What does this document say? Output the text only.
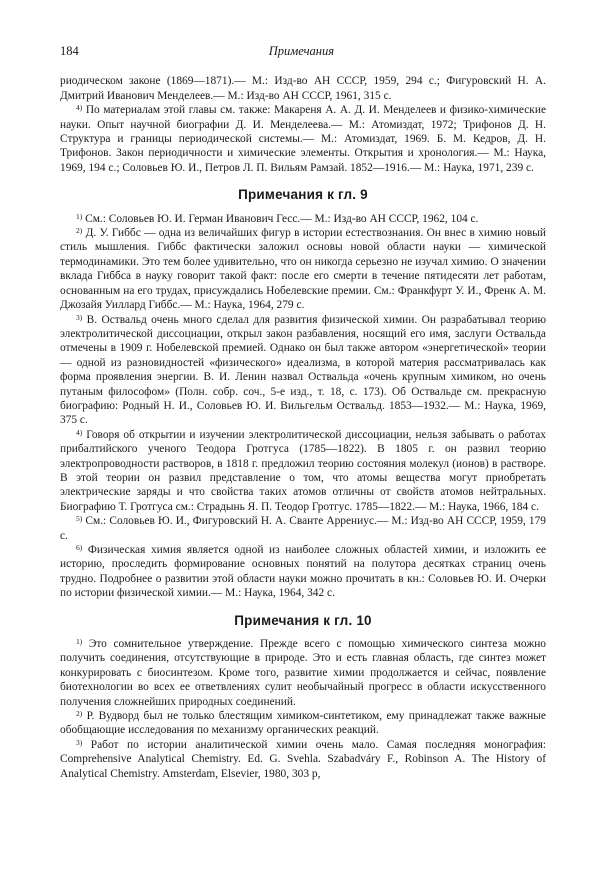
184	Примечания

риодическом законе (1869—1871).— М.: Изд-во АН СССР, 1959, 294 с.; Фигуровский Н. А. Дмитрий Иванович Менделеев.— М.: Изд-во АН СССР, 1961, 315 с.

$^{4)}$ По материалам этой главы см. также: Макареня А. А. Д. И. Менделеев и физико-химические науки. Опыт научной биографии Д. И. Менделеева.— М.: Атомиздат, 1972; Трифонов Д. Н. Структура и границы периодической системы.— М.: Атомиздат, 1969. Б. М. Кедров, Д. Н. Трифонов. Закон периодичности и химические элементы. Открытия и хронология.— М.: Наука, 1969, 194 с.; Соловьев Ю. И., Петров Л. П. Вильям Рамзай. 1852—1916.— М.: Наука, 1971, 239 с.

Примечания к гл. 9

$^{1)}$ См.: Соловьев Ю. И. Герман Иванович Гесс.— М.: Изд-во АН СССР, 1962, 104 с.

$^{2)}$ Д. У. Гиббс — одна из величайших фигур в истории естествознания. Он внес в химию новый стиль мышления. Гиббс фактически заложил основы новой области науки — химической термодинамики. Это тем более удивительно, что он никогда серьезно не изучал химию. О значении вклада Гиббса в науку говорит такой факт: после его смерти в течение пятидесяти лет работам, основанным на его трудах, присуждались Нобелевские премии. См.: Франкфурт У. И., Френк А. М. Джозайя Уиллард Гиббс.— М.: Наука, 1964, 279 с.

$^{3)}$ В. Оствальд очень много сделал для развития физической химии. Он разрабатывал теорию электролитической диссоциации, открыл закон разбавления, носящий его имя, заслуги Оствальда отмечены в 1909 г. Нобелевской премией. Однако он был также автором «энергетической» теории — одной из разновидностей «физического» идеализма, в которой материя рассматривалась как форма проявления энергии. В. И. Ленин назвал Оствальда «очень крупным химиком, но очень путаным философом» (Полн. собр. соч., 5-е изд., т. 18, с. 173). Об Оствальде см. прекрасную биографию: Родный Н. И., Соловьев Ю. И. Вильгельм Оствальд. 1853—1932.— М.: Наука, 1969, 375 с.

$^{4)}$ Говоря об открытии и изучении электролитической диссоциации, нельзя забывать о работах прибалтийского ученого Теодора Гротгуса (1785—1822). В 1805 г. он развил теорию электропроводности растворов, в 1818 г. предложил теорию состояния молекул (ионов) в растворе. В этой теории он развил представление о том, что атомы вещества могут приобретать электрические заряды и что свойства таких атомов отличны от свойств атомов нейтральных. Биографию Т. Гротгуса см.: Страдынь Я. П. Теодор Гротгус. 1785—1822.— М.: Наука, 1966, 184 с.

$^{5)}$ См.: Соловьев Ю. И., Фигуровский Н. А. Сванте Аррениус.— М.: Изд-во АН СССР, 1959, 179 с.

$^{6)}$ Физическая химия является одной из наиболее сложных областей химии, и изложить ее историю, проследить формирование основных понятий на полутора десятках страниц очень трудно. Подробнее о развитии этой области науки можно прочитать в кн.: Соловьев Ю. И. Очерки по истории физической химии.— М.: Наука, 1964, 342 с.

Примечания к гл. 10

$^{1)}$ Это сомнительное утверждение. Прежде всего с помощью химического синтеза можно получить соединения, отсутствующие в природе. Это и есть главная область, где синтез может конкурировать с биосинтезом. Кроме того, развитие химии продолжается и сейчас, появление биотехнологии во всех ее ответвлениях сулит необычайный прогресс в области искусственного получения сложнейших природных соединений.

$^{2)}$ Р. Вудворд был не только блестящим химиком-синтетиком, ему принадлежат также важные обобщающие исследования по механизму органических реакций.

$^{3)}$ Работ по истории аналитической химии очень мало. Самая последняя монография: Comprehensive Analytical Chemistry. Ed. G. Svehla. Szabadváry F., Robinson A. The History of Analytical Chemistry. Amsterdam, Elsevier, 1980, 303 p,
